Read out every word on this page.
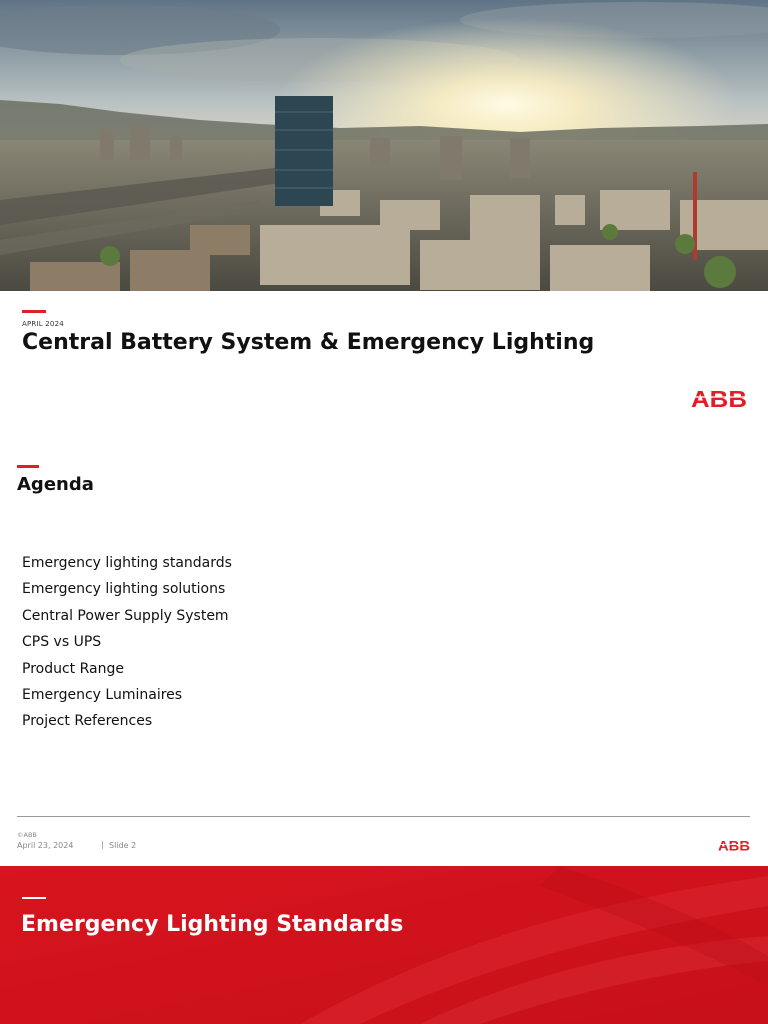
APRIL 2024
Central Battery System & Emergency Lighting
ABB
Agenda
Emergency lighting standards
Emergency lighting solutions
Central Power Supply System
CPS vs UPS
Product Range
Emergency Luminaires
Project References
©ABB
April 23, 2024	| Slide 2	ABB
Emergency Lighting Standards
